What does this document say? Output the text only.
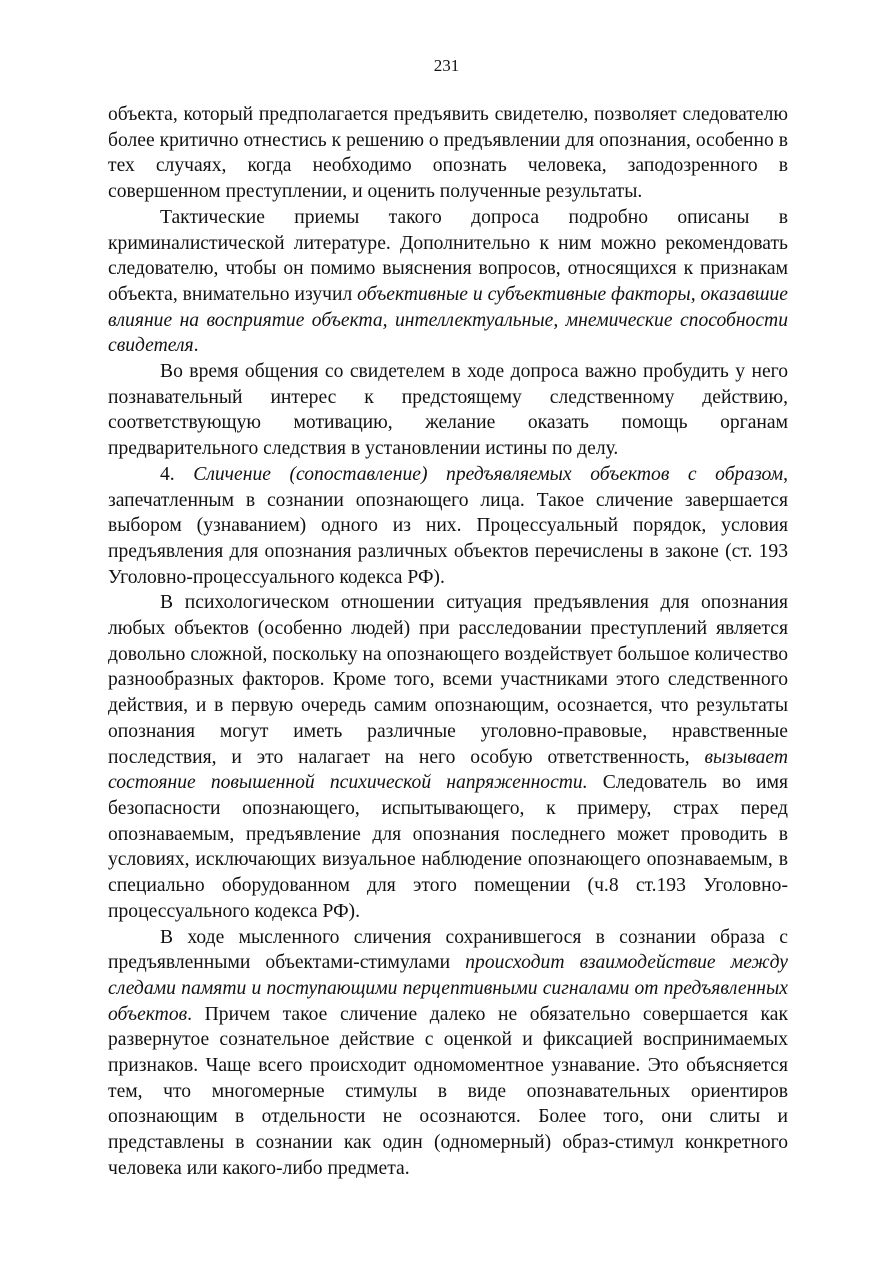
231

объекта, который предполагается предъявить свидетелю, позволяет следователю более критично отнестись к решению о предъявлении для опознания, особенно в тех случаях, когда необходимо опознать человека, заподозренного в совершенном преступлении, и оценить полученные результаты.

Тактические приемы такого допроса подробно описаны в криминалистической литературе. Дополнительно к ним можно рекомендовать следователю, чтобы он помимо выяснения вопросов, относящихся к признакам объекта, внимательно изучил объективные и субъективные факторы, оказавшие влияние на восприятие объекта, интеллектуальные, мнемические способности свидетеля.

Во время общения со свидетелем в ходе допроса важно пробудить у него познавательный интерес к предстоящему следственному действию, соответствующую мотивацию, желание оказать помощь органам предварительного следствия в установлении истины по делу.

4. Сличение (сопоставление) предъявляемых объектов с образом, запечатленным в сознании опознающего лица. Такое сличение завершается выбором (узнаванием) одного из них. Процессуальный порядок, условия предъявления для опознания различных объектов перечислены в законе (ст. 193 Уголовно-процессуального кодекса РФ).

В психологическом отношении ситуация предъявления для опознания любых объектов (особенно людей) при расследовании преступлений является довольно сложной, поскольку на опознающего воздействует большое количество разнообразных факторов. Кроме того, всеми участниками этого следственного действия, и в первую очередь самим опознающим, осознается, что результаты опознания могут иметь различные уголовно-правовые, нравственные последствия, и это налагает на него особую ответственность, вызывает состояние повышенной психической напряженности. Следователь во имя безопасности опознающего, испытывающего, к примеру, страх перед опознаваемым, предъявление для опознания последнего может проводить в условиях, исключающих визуальное наблюдение опознающего опознаваемым, в специально оборудованном для этого помещении (ч.8 ст.193 Уголовно-процессуального кодекса РФ).

В ходе мысленного сличения сохранившегося в сознании образа с предъявленными объектами-стимулами происходит взаимодействие между следами памяти и поступающими перцептивными сигналами от предъявленных объектов. Причем такое сличение далеко не обязательно совершается как развернутое сознательное действие с оценкой и фиксацией воспринимаемых признаков. Чаще всего происходит одномоментное узнавание. Это объясняется тем, что многомерные стимулы в виде опознавательных ориентиров опознающим в отдельности не осознаются. Более того, они слиты и представлены в сознании как один (одномерный) образ-стимул конкретного человека или какого-либо предмета.
